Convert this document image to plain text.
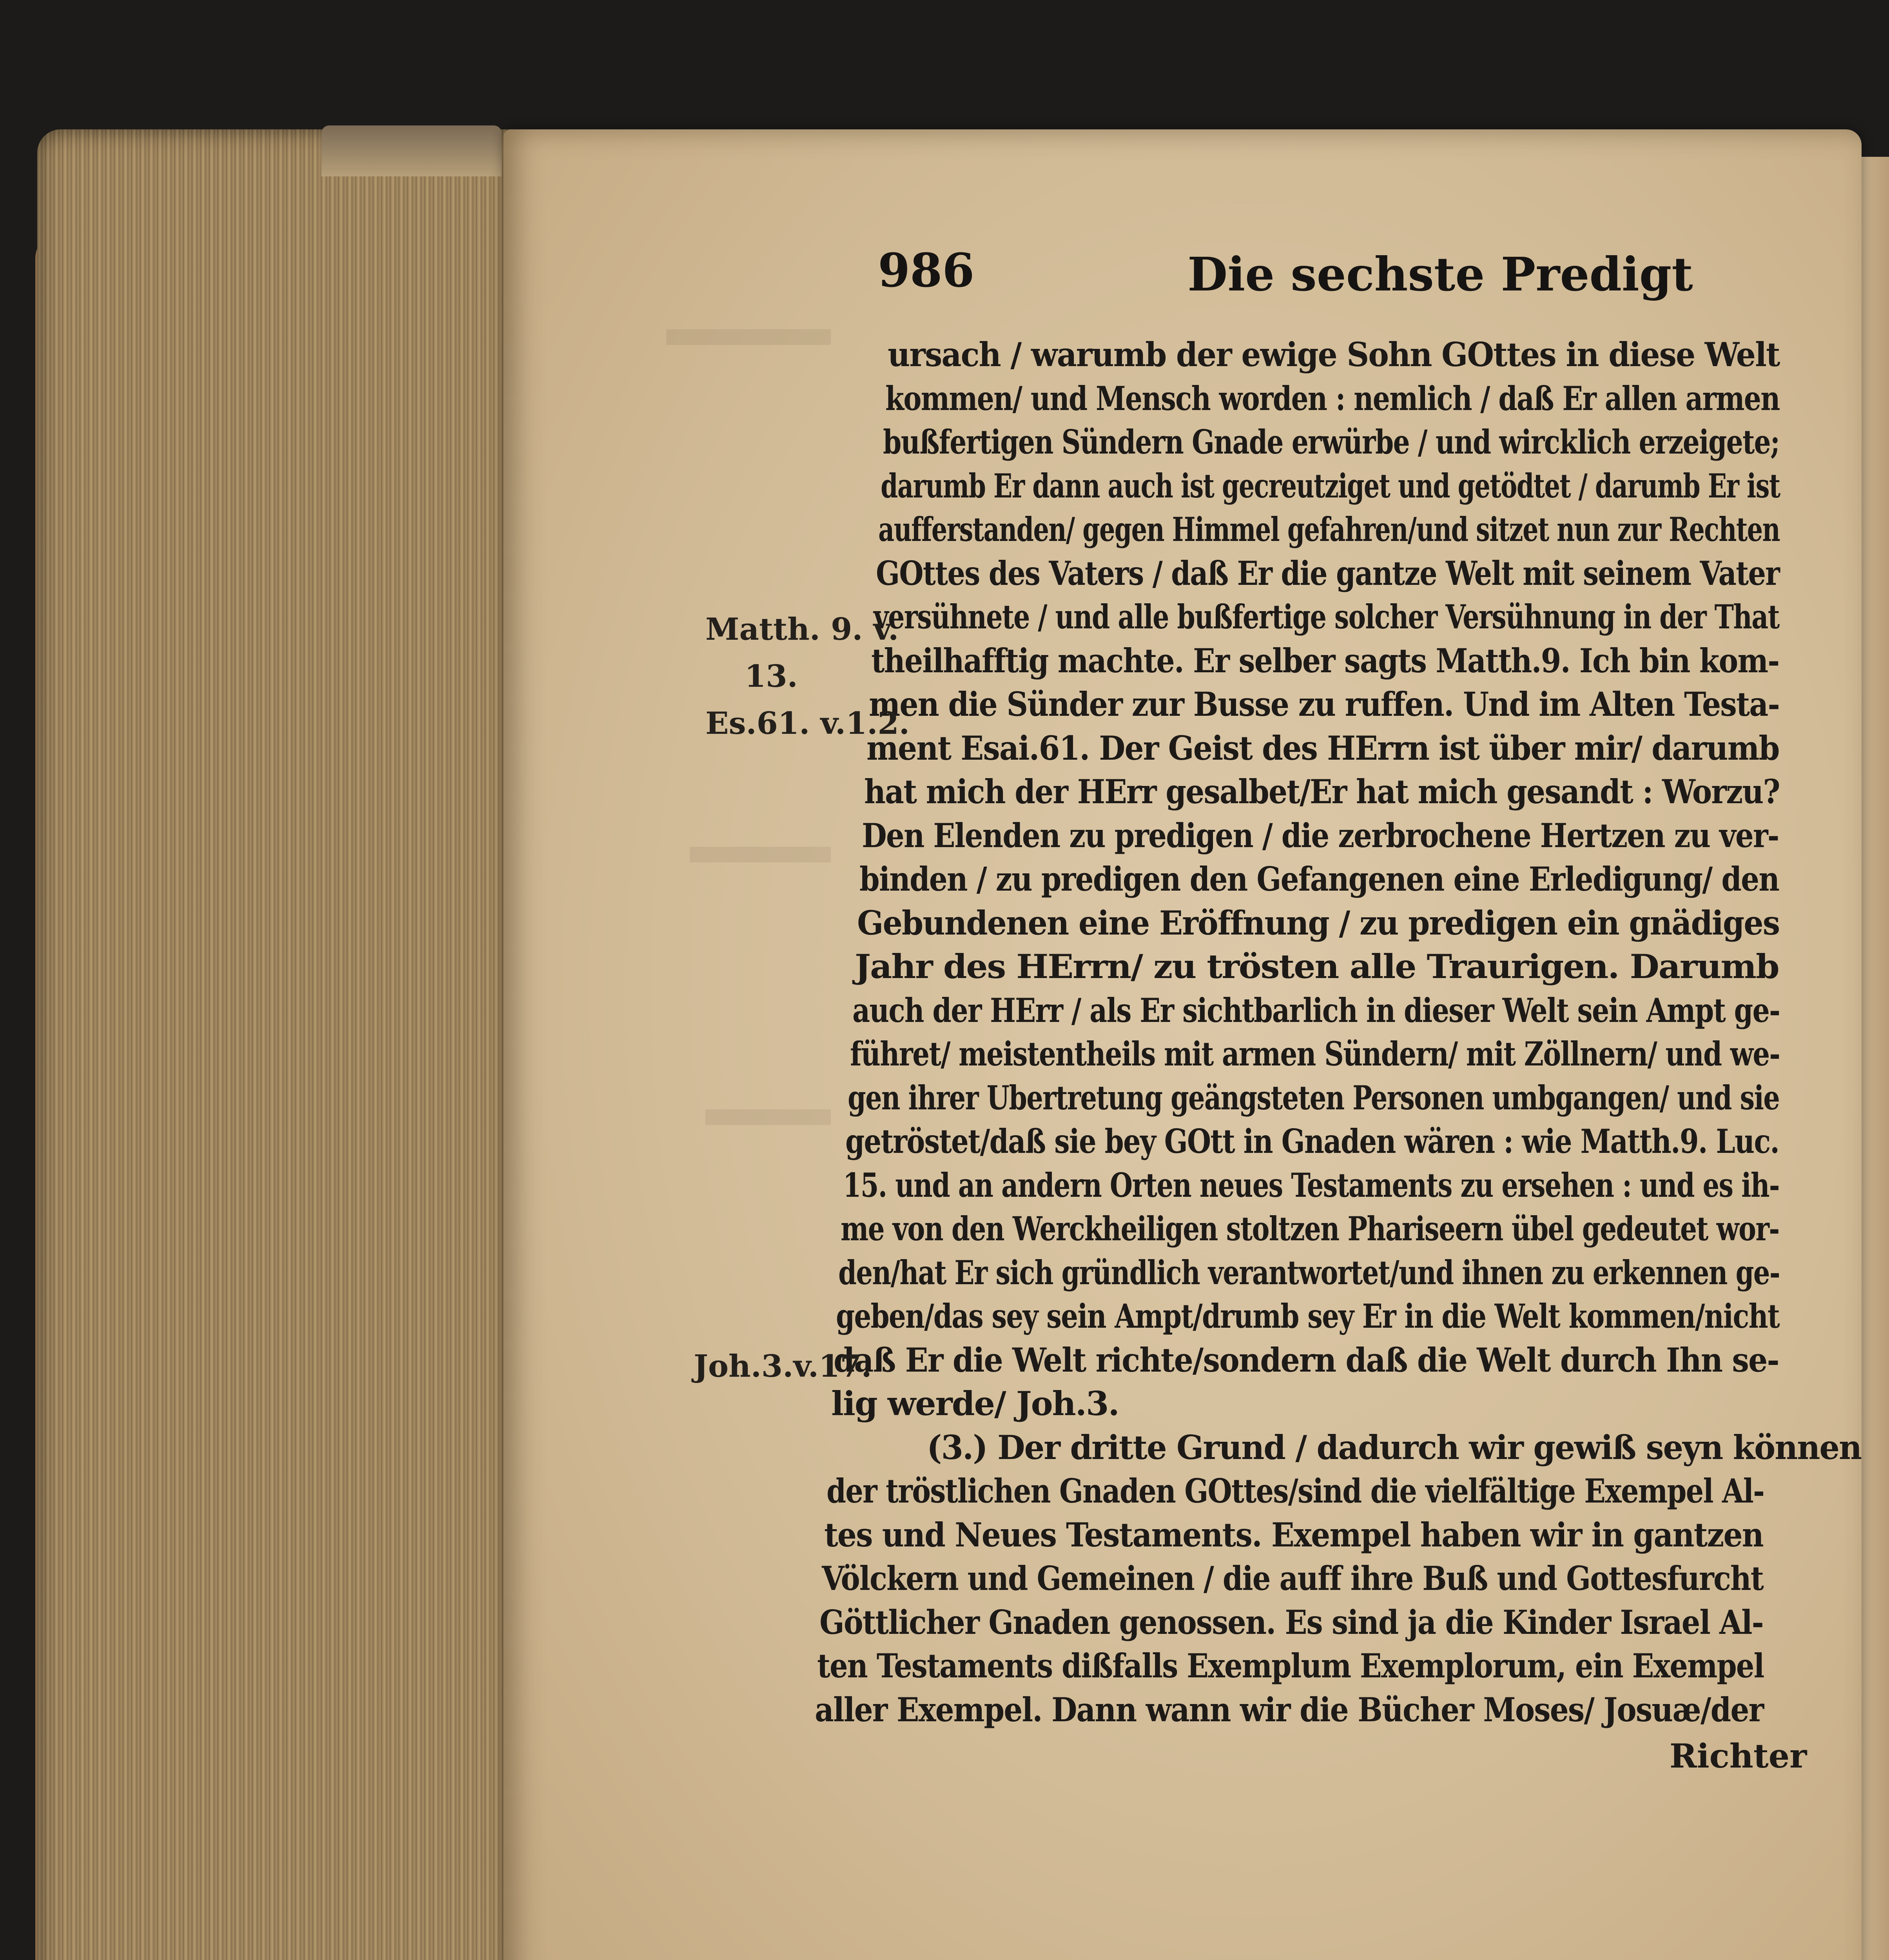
986	Die sechste Predigt
ursach / warumb der ewige Sohn GOttes in diese Welt
kommen/ und Mensch worden : nemlich / daß Er allen armen
bußfertigen Sündern Gnade erwürbe / und wircklich erzeigete;
darumb Er dann auch ist gecreutziget und getödtet / darumb Er ist
aufferstanden/ gegen Himmel gefahren/und sitzet nun zur Rechten
GOttes des Vaters / daß Er die gantze Welt mit seinem Vater
versühnete / und alle bußfertige solcher Versühnung in der That
theilhafftig machte. Er selber sagts Matth.9. Ich bin kom-
men die Sünder zur Busse zu ruffen. Und im Alten Testa-
ment Esai.61. Der Geist des HErrn ist über mir/ darumb
hat mich der HErr gesalbet/Er hat mich gesandt : Worzu?
Den Elenden zu predigen / die zerbrochene Hertzen zu ver-
binden / zu predigen den Gefangenen eine Erledigung/ den
Gebundenen eine Eröffnung / zu predigen ein gnädiges
Jahr des HErrn/ zu trösten alle Traurigen. Darumb
auch der HErr / als Er sichtbarlich in dieser Welt sein Ampt ge-
führet/ meistentheils mit armen Sündern/ mit Zöllnern/ und we-
gen ihrer Ubertretung geängsteten Personen umbgangen/ und sie
getröstet/daß sie bey GOtt in Gnaden wären : wie Matth.9. Luc.
15. und an andern Orten neues Testaments zu ersehen : und es ih-
me von den Werckheiligen stoltzen Phariseern übel gedeutet wor-
den/hat Er sich gründlich verantwortet/und ihnen zu erkennen ge-
geben/das sey sein Ampt/drumb sey Er in die Welt kommen/nicht
daß Er die Welt richte/sondern daß die Welt durch Ihn se-
lig werde/ Joh.3.
(3.) Der dritte Grund / dadurch wir gewiß seyn können
der tröstlichen Gnaden GOttes/sind die vielfältige Exempel Al-
tes und Neues Testaments. Exempel haben wir in gantzen
Völckern und Gemeinen / die auff ihre Buß und Gottesfurcht
Göttlicher Gnaden genossen. Es sind ja die Kinder Israel Al-
ten Testaments dißfalls Exemplum Exemplorum, ein Exempel
aller Exempel. Dann wann wir die Bücher Moses/ Josuæ/der
Matth. 9. v.
13.
Es.61. v.1.2.
Joh.3.v.17.
Richter
